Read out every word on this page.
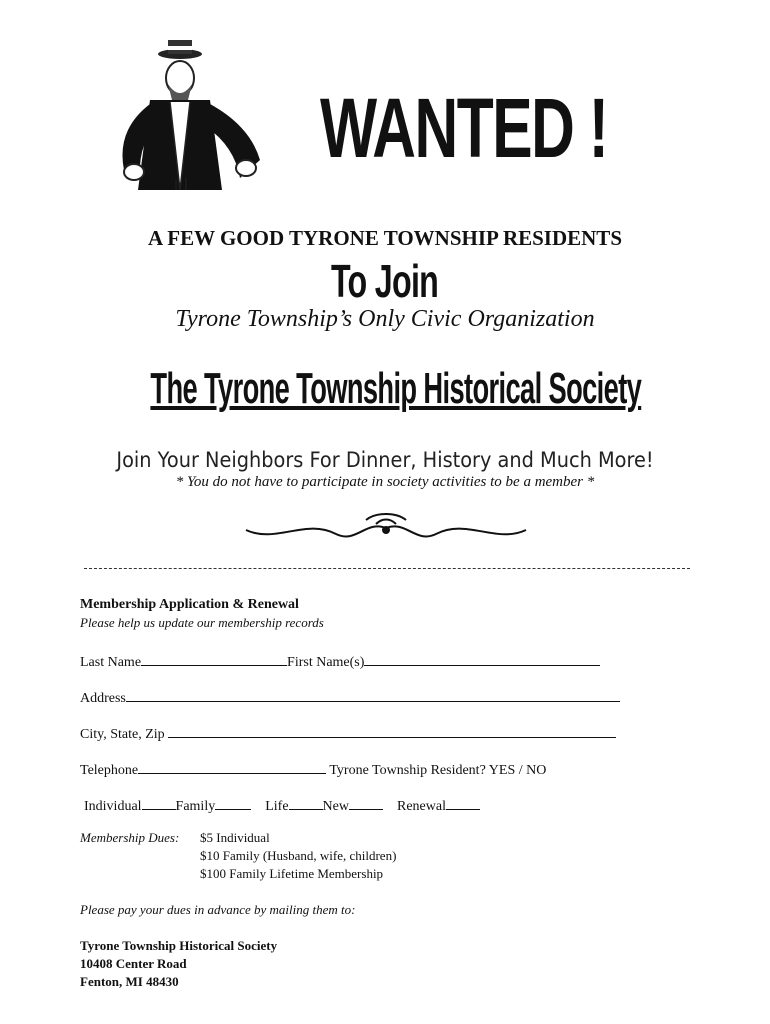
WANTED !
A FEW GOOD TYRONE TOWNSHIP RESIDENTS
To Join
Tyrone Township’s Only Civic Organization
The Tyrone Township Historical Society
Join Your Neighbors For Dinner, History and Much More!
* You do not have to participate in society activities to be a member *
Membership Application & Renewal
Please help us update our membership records
Last Name	First Name(s)
Address
City, State, Zip
Telephone	Tyrone Township Resident? YES / NO
Individual Family	Life New	Renewal
Membership Dues: $5 Individual
$10 Family (Husband, wife, children)
$100 Family Lifetime Membership
Please pay your dues in advance by mailing them to:
Tyrone Township Historical Society
10408 Center Road
Fenton, MI 48430
